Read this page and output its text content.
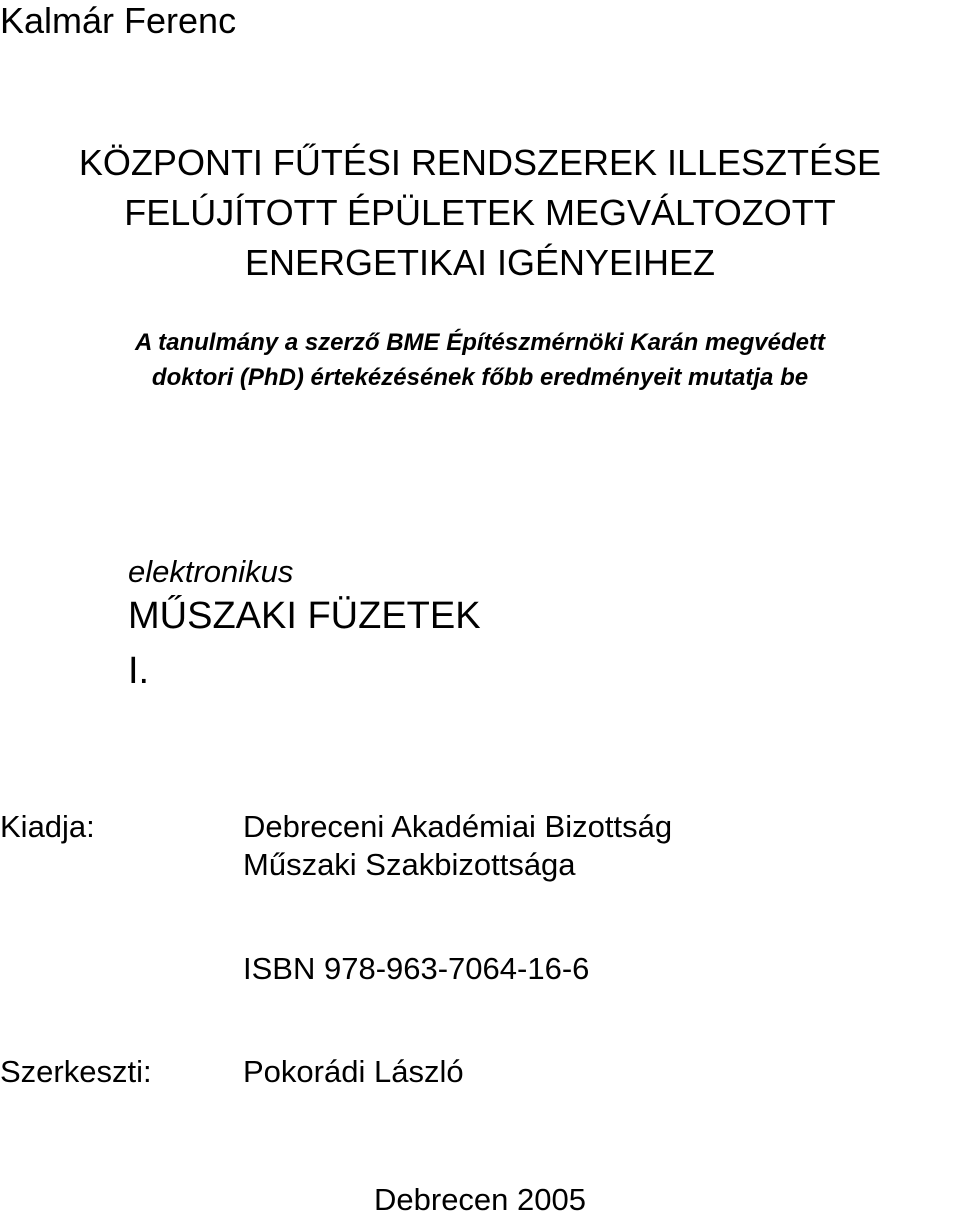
Kalmár Ferenc

KÖZPONTI FŰTÉSI RENDSZEREK ILLESZTÉSE

FELÚJÍTOTT ÉPÜLETEK MEGVÁLTOZOTT

ENERGETIKAI IGÉNYEIHEZ

A tanulmány a szerző BME Építészmérnöki Karán megvédett

doktori (PhD) értekézésének főbb eredményeit mutatja be

elektronikus

MŰSZAKI FÜZETEK

I.

Kiadja:	Debreceni Akadémiai Bizottság

Műszaki Szakbizottsága

ISBN 978-963-7064-16-6

Szerkeszti:	Pokorádi László

Debrecen 2005
